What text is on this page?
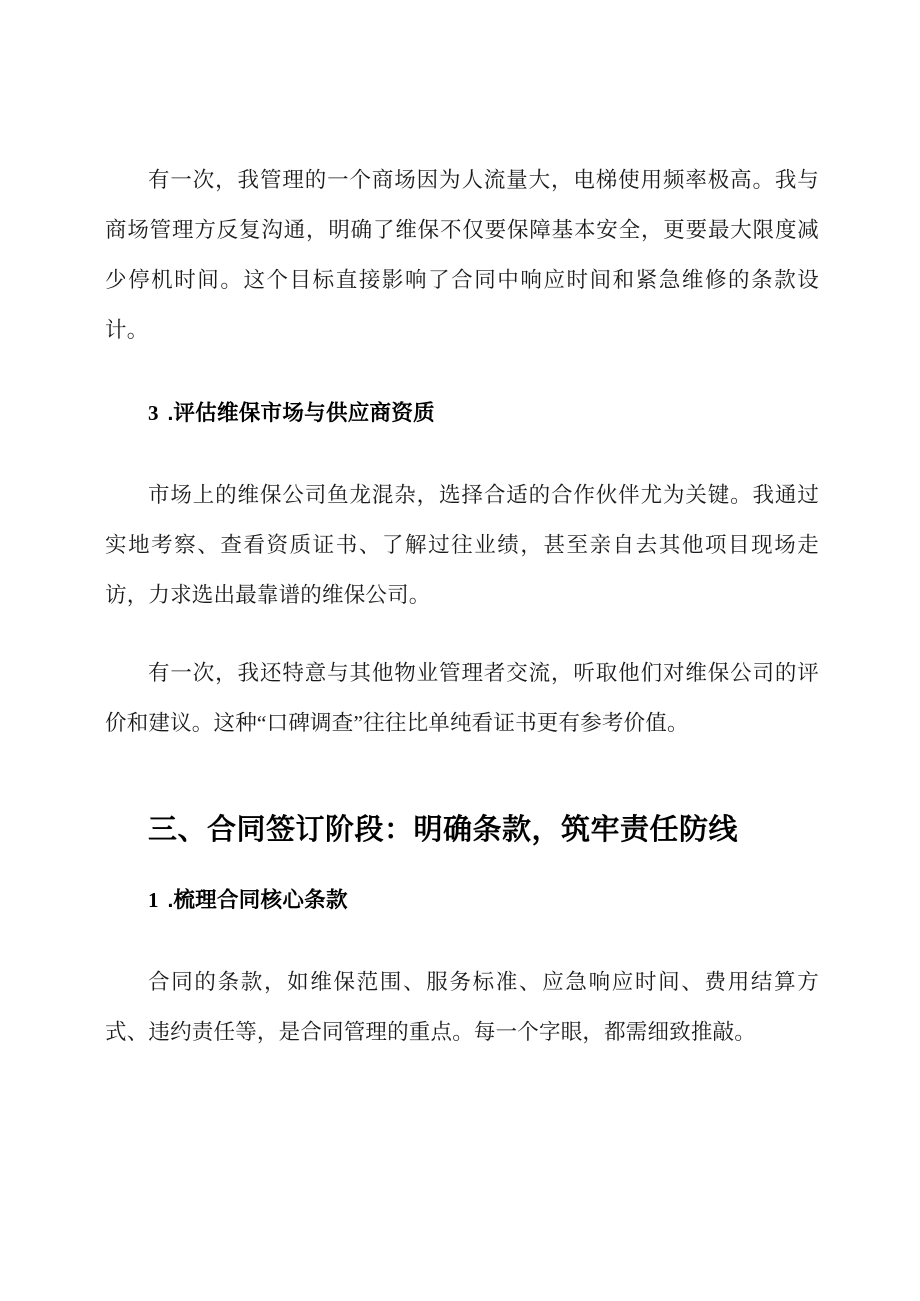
有一次，我管理的一个商场因为人流量大，电梯使用频率极高。我与商场管理方反复沟通，明确了维保不仅要保障基本安全，更要最大限度减少停机时间。这个目标直接影响了合同中响应时间和紧急维修的条款设计。

3 .评估维保市场与供应商资质

市场上的维保公司鱼龙混杂，选择合适的合作伙伴尤为关键。我通过实地考察、查看资质证书、了解过往业绩，甚至亲自去其他项目现场走访，力求选出最靠谱的维保公司。

有一次，我还特意与其他物业管理者交流，听取他们对维保公司的评价和建议。这种“口碑调查”往往比单纯看证书更有参考价值。

三、合同签订阶段：明确条款，筑牢责任防线
1 .梳理合同核心条款

合同的条款，如维保范围、服务标准、应急响应时间、费用结算方式、违约责任等，是合同管理的重点。每一个字眼，都需细致推敲。
